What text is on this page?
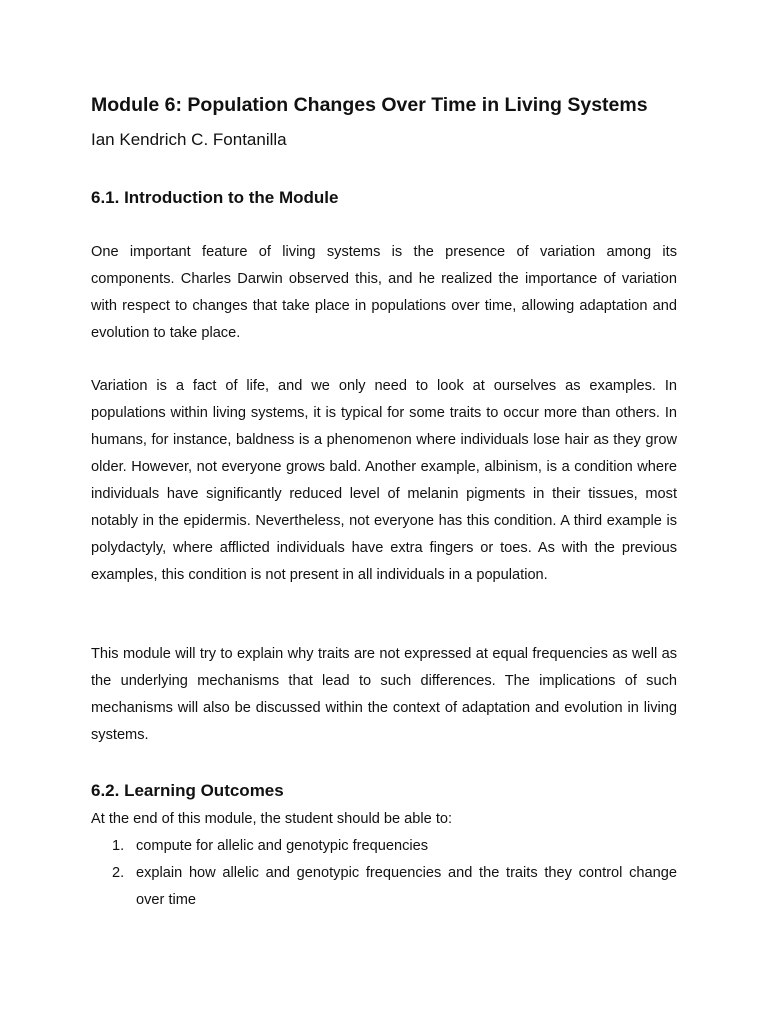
Module 6: Population Changes Over Time in Living Systems

Ian Kendrich C. Fontanilla

6.1. Introduction to the Module

One important feature of living systems is the presence of variation among its components. Charles Darwin observed this, and he realized the importance of variation with respect to changes that take place in populations over time, allowing adaptation and evolution to take place.

Variation is a fact of life, and we only need to look at ourselves as examples. In populations within living systems, it is typical for some traits to occur more than others. In humans, for instance, baldness is a phenomenon where individuals lose hair as they grow older. However, not everyone grows bald. Another example, albinism, is a condition where individuals have significantly reduced level of melanin pigments in their tissues, most notably in the epidermis. Nevertheless, not everyone has this condition. A third example is polydactyly, where afflicted individuals have extra fingers or toes. As with the previous examples, this condition is not present in all individuals in a population.

This module will try to explain why traits are not expressed at equal frequencies as well as the underlying mechanisms that lead to such differences. The implications of such mechanisms will also be discussed within the context of adaptation and evolution in living systems.

6.2. Learning Outcomes

At the end of this module, the student should be able to:

1. compute for allelic and genotypic frequencies
2. explain how allelic and genotypic frequencies and the traits they control change over time
